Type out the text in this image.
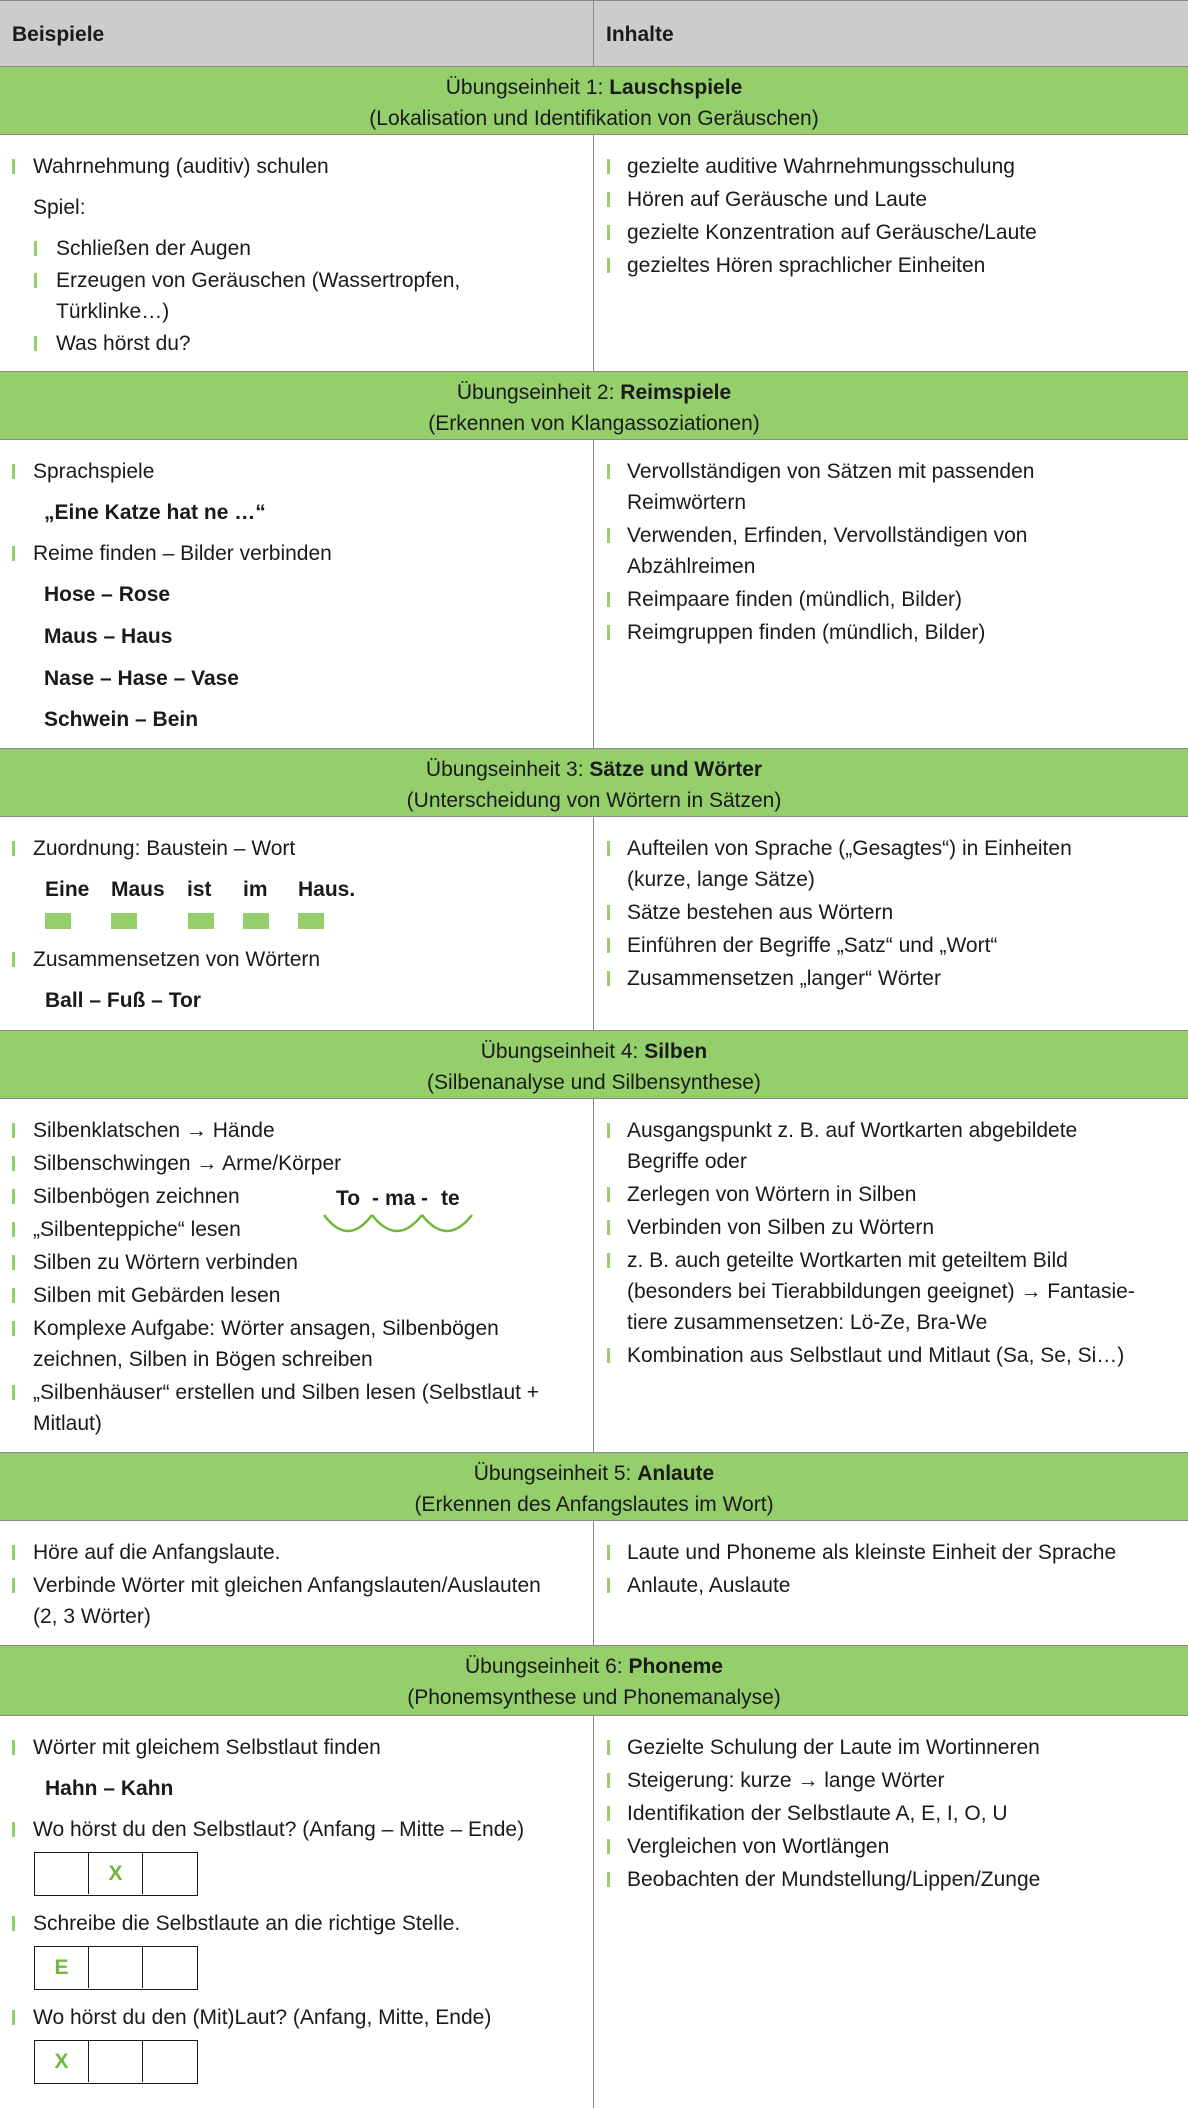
Beispiele	Inhalte
Übungseinheit 1: Lauschspiele
(Lokalisation und Identifikation von Geräuschen)
Wahrnehmung (auditiv) schulen
Spiel:
Schließen der Augen
Erzeugen von Geräuschen (Wassertropfen,
Türklinke…)
Was hörst du?
gezielte auditive Wahrnehmungsschulung
Hören auf Geräusche und Laute
gezielte Konzentration auf Geräusche/Laute
gezieltes Hören sprachlicher Einheiten
Übungseinheit 2: Reimspiele
(Erkennen von Klangassoziationen)
Sprachspiele
„Eine Katze hat ne …“
Reime finden – Bilder verbinden
Hose – Rose
Maus – Haus
Nase – Hase – Vase
Schwein – Bein
Vervollständigen von Sätzen mit passenden
Reimwörtern
Verwenden, Erfinden, Vervollständigen von
Abzählreimen
Reimpaare finden (mündlich, Bilder)
Reimgruppen finden (mündlich, Bilder)
Übungseinheit 3: Sätze und Wörter
(Unterscheidung von Wörtern in Sätzen)
Zuordnung: Baustein – Wort
Eine Maus ist im Haus.
Zusammensetzen von Wörtern
Ball – Fuß – Tor
Aufteilen von Sprache („Gesagtes“) in Einheiten
(kurze, lange Sätze)
Sätze bestehen aus Wörtern
Einführen der Begriffe „Satz“ und „Wort“
Zusammensetzen „langer“ Wörter
Übungseinheit 4: Silben
(Silbenanalyse und Silbensynthese)
Silbenklatschen → Hände
Silbenschwingen → Arme/Körper
Silbenbögen zeichnen	To - ma - te
„Silbenteppiche“ lesen
Silben zu Wörtern verbinden
Silben mit Gebärden lesen
Komplexe Aufgabe: Wörter ansagen, Silbenbögen
zeichnen, Silben in Bögen schreiben
„Silbenhäuser“ erstellen und Silben lesen (Selbstlaut +
Mitlaut)
Ausgangspunkt z. B. auf Wortkarten abgebildete
Begriffe oder
Zerlegen von Wörtern in Silben
Verbinden von Silben zu Wörtern
z. B. auch geteilte Wortkarten mit geteiltem Bild
(besonders bei Tierabbildungen geeignet) → Fantasie-
tiere zusammensetzen: Lö-Ze, Bra-We
Kombination aus Selbstlaut und Mitlaut (Sa, Se, Si…)
Übungseinheit 5: Anlaute
(Erkennen des Anfangslautes im Wort)
Höre auf die Anfangslaute.
Verbinde Wörter mit gleichen Anfangslauten/Auslauten
(2, 3 Wörter)
Laute und Phoneme als kleinste Einheit der Sprache
Anlaute, Auslaute
Übungseinheit 6: Phoneme
(Phonemsynthese und Phonemanalyse)
Wörter mit gleichem Selbstlaut finden
Hahn – Kahn
Wo hörst du den Selbstlaut? (Anfang – Mitte – Ende)
X
Schreibe die Selbstlaute an die richtige Stelle.
E
Wo hörst du den (Mit)Laut? (Anfang, Mitte, Ende)
X
Gezielte Schulung der Laute im Wortinneren
Steigerung: kurze → lange Wörter
Identifikation der Selbstlaute A, E, I, O, U
Vergleichen von Wortlängen
Beobachten der Mundstellung/Lippen/Zunge
